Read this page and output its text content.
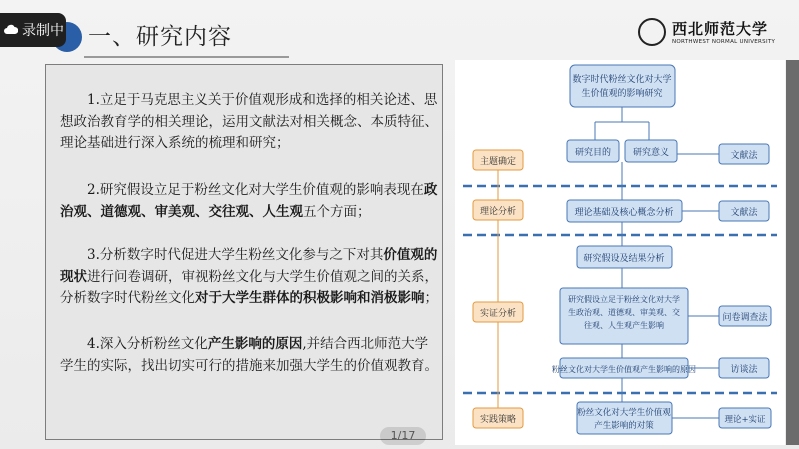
一、研究内容	西北师范大学
NORTHWEST NORMAL UNIVERSITY

1.立足于马克思主义关于价值观形成和选择的相关论述、思想政治教育学的相关理论，运用文献法对相关概念、本质特征、理论基础进行深入系统的梳理和研究；

2.研究假设立足于粉丝文化对大学生价值观的影响表现在政治观、道德观、审美观、交往观、人生观五个方面；

3.分析数字时代促进大学生粉丝文化参与之下对其价值观的现状进行问卷调研，审视粉丝文化与大学生价值观之间的关系，分析数字时代粉丝文化对于大学生群体的积极影响和消极影响；

4.深入分析粉丝文化产生影响的原因,并结合西北师范大学学生的实际，找出切实可行的措施来加强大学生的价值观教育。

数字时代粉丝文化对大学
生价值观的影响研究
研究目的 研究意义
主题确定
文献法
理论分析	理论基础及核心概念分析	文献法
研究假设及结果分析
实证分析
研究假设立足于粉丝文化对大学
生政治观、道德观、审美观、交
往观、人生观产生影响
问卷调查法
粉丝文化对大学生价值观产生影响的原因	访谈法
实践策略
粉丝文化对大学生价值观
产生影响的对策
理论+实证
1/17
录制中
